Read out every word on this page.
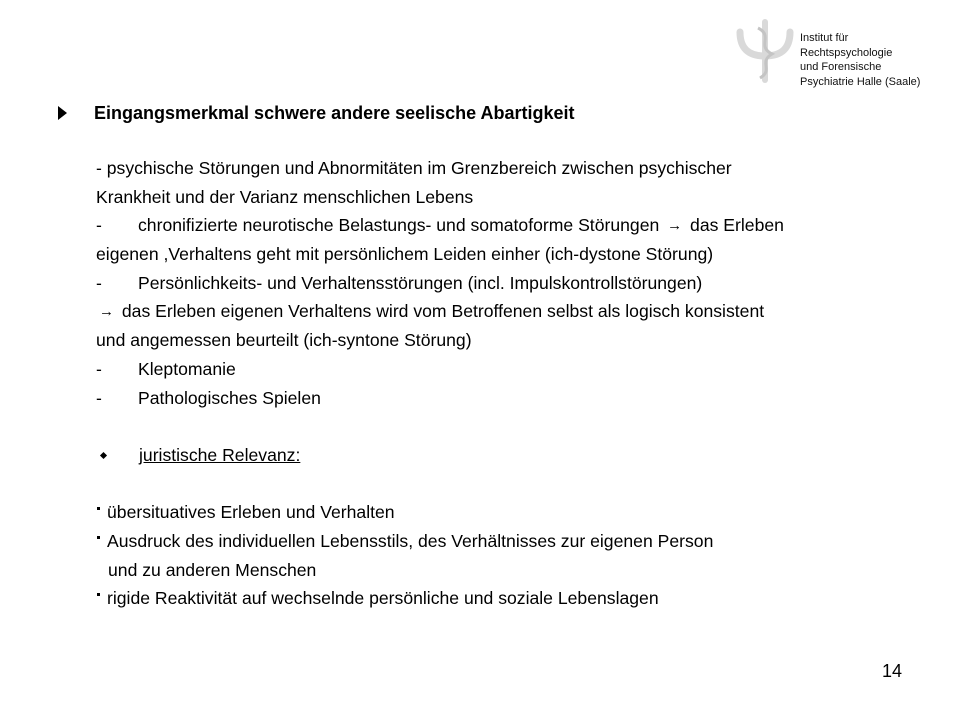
Institut für
Rechtspsychologie
und Forensische
Psychiatrie Halle (Saale)
Eingangsmerkmal schwere andere seelische Abartigkeit
- psychische Störungen und Abnormitäten im Grenzbereich zwischen psychischer
Krankheit und der Varianz menschlichen Lebens
- chronifizierte neurotische Belastungs- und somatoforme Störungen → das Erleben
eigenen ,Verhaltens geht mit persönlichem Leiden einher (ich-dystone Störung)
- Persönlichkeits- und Verhaltensstörungen (incl. Impulskontrollstörungen)
→ das Erleben eigenen Verhaltens wird vom Betroffenen selbst als logisch konsistent
und angemessen beurteilt (ich-syntone Störung)
- Kleptomanie
- Pathologisches Spielen
juristische Relevanz:
übersituatives Erleben und Verhalten
Ausdruck des individuellen Lebensstils, des Verhältnisses zur eigenen Person
und zu anderen Menschen
rigide Reaktivität auf wechselnde persönliche und soziale Lebenslagen
14
